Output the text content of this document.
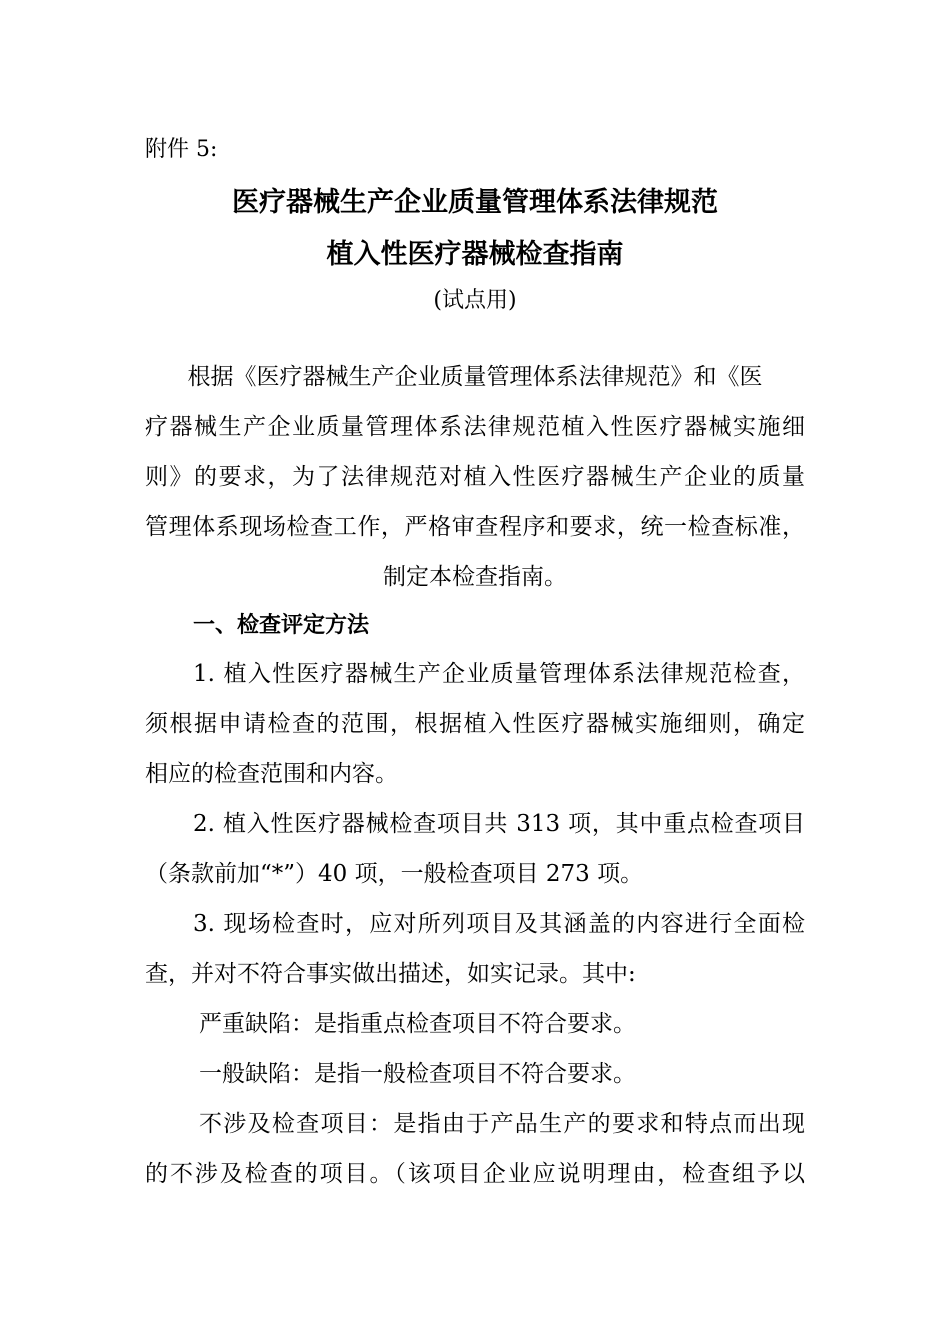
附件 5:
医疗器械生产企业质量管理体系法律规范
植入性医疗器械检查指南
(试点用)
根据《医疗器械生产企业质量管理体系法律规范》和《医
疗器械生产企业质量管理体系法律规范植入性医疗器械实施细
则》的要求，为了法律规范对植入性医疗器械生产企业的质量
管理体系现场检查工作，严格审查程序和要求，统一检查标准，
制定本检查指南。
一、检查评定方法
1. 植入性医疗器械生产企业质量管理体系法律规范检查，
须根据申请检查的范围，根据植入性医疗器械实施细则，确定
相应的检查范围和内容。
2. 植入性医疗器械检查项目共 313 项，其中重点检查项目
（条款前加“*”）40 项，一般检查项目 273 项。
3. 现场检查时，应对所列项目及其涵盖的内容进行全面检
查，并对不符合事实做出描述，如实记录。其中:
严重缺陷：是指重点检查项目不符合要求。
一般缺陷：是指一般检查项目不符合要求。
不涉及检查项目：是指由于产品生产的要求和特点而出现
的不涉及检查的项目。（该项目企业应说明理由，检查组予以
